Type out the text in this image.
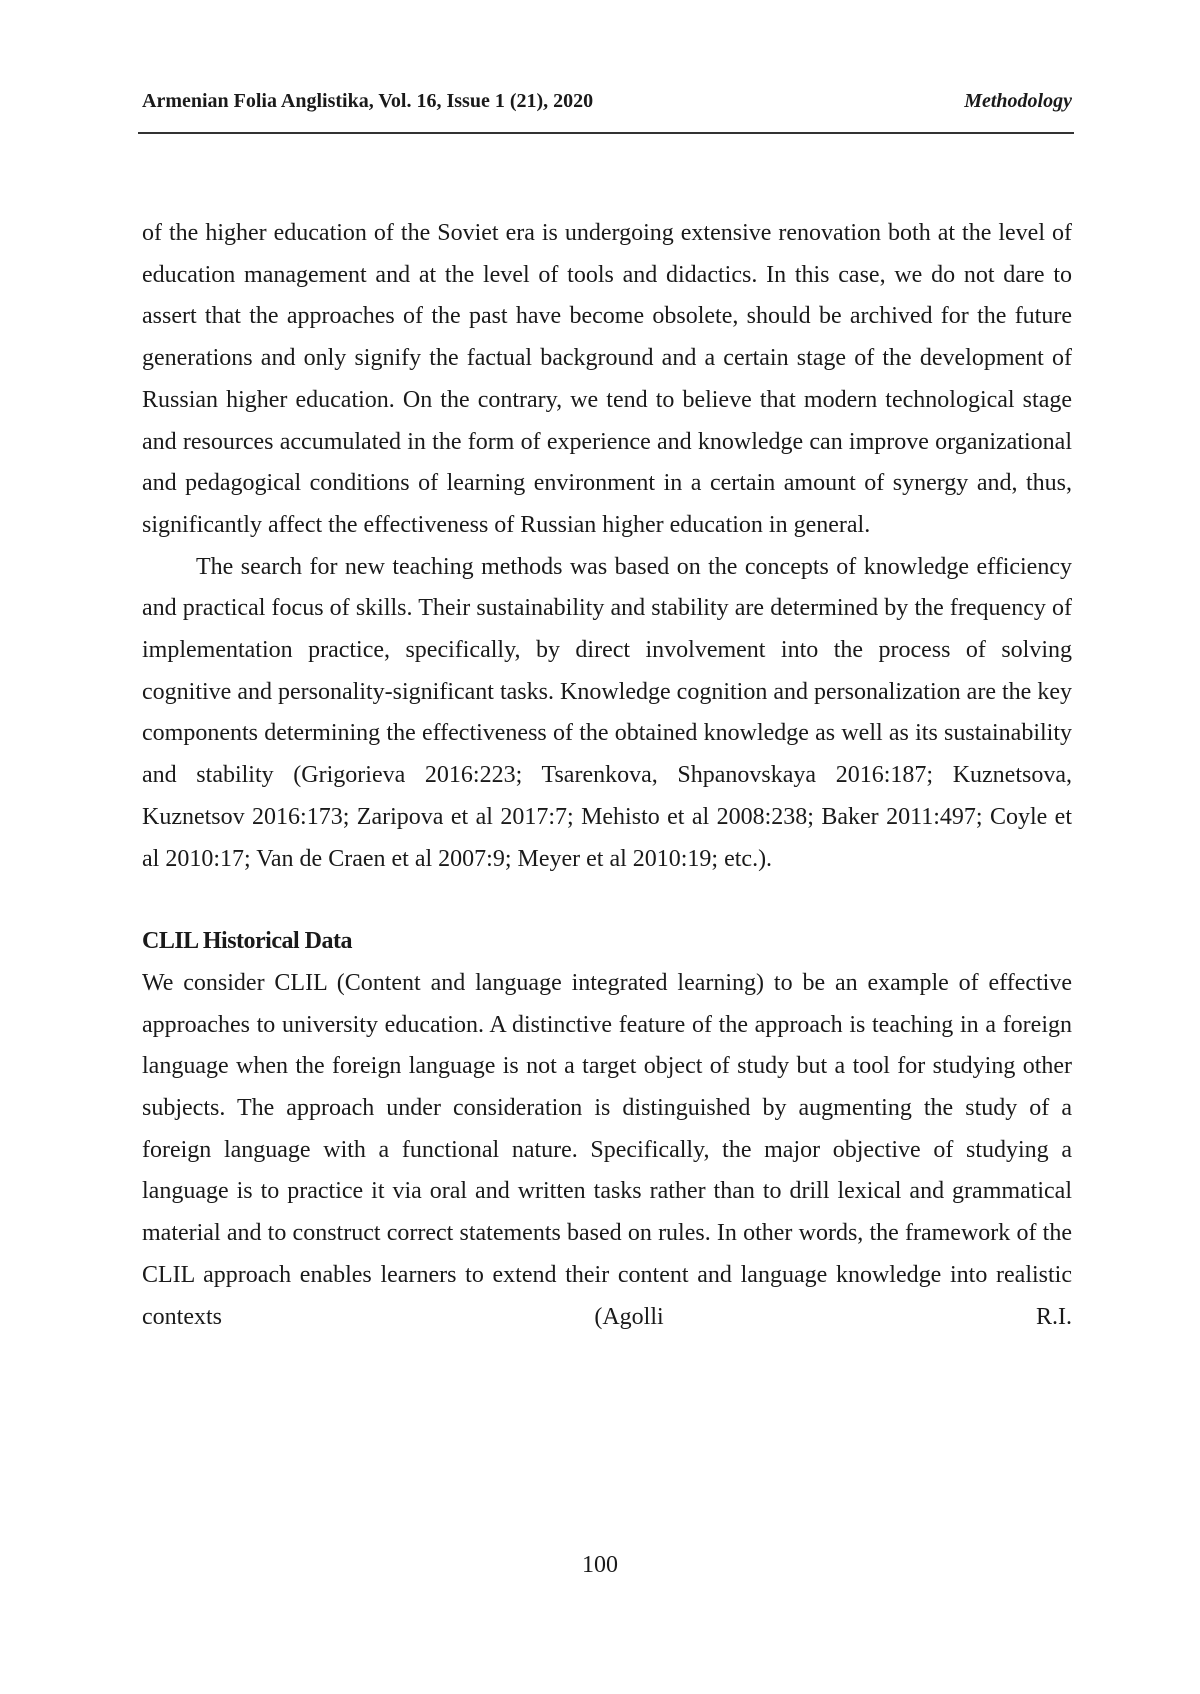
Armenian Folia Anglistika, Vol. 16, Issue 1 (21), 2020	Methodology

of the higher education of the Soviet era is undergoing extensive renovation both at the level of education management and at the level of tools and didactics. In this case, we do not dare to assert that the approaches of the past have become obsolete, should be archived for the future generations and only signify the factual background and a certain stage of the development of Russian higher education. On the contrary, we tend to believe that modern technological stage and resources accumulated in the form of experience and knowledge can improve organizational and pedagogical conditions of learning environment in a certain amount of synergy and, thus, significantly affect the effectiveness of Russian higher education in general.

The search for new teaching methods was based on the concepts of knowledge efficiency and practical focus of skills. Their sustainability and stability are determined by the frequency of implementation practice, specifically, by direct involvement into the process of solving cognitive and personality-significant tasks. Knowledge cognition and personalization are the key components determining the effectiveness of the obtained knowledge as well as its sustainability and stability (Grigorieva 2016:223; Tsarenkova, Shpanovskaya 2016:187; Kuznetsova, Kuznetsov 2016:173; Zaripova et al 2017:7; Mehisto et al 2008:238; Baker 2011:497; Coyle et al 2010:17; Van de Craen et al 2007:9; Meyer et al 2010:19; etc.).

CLIL Historical Data

We consider CLIL (Content and language integrated learning) to be an example of effective approaches to university education. A distinctive feature of the approach is teaching in a foreign language when the foreign language is not a target object of study but a tool for studying other subjects. The approach under consideration is distinguished by augmenting the study of a foreign language with a functional nature. Specifically, the major objective of studying a language is to practice it via oral and written tasks rather than to drill lexical and grammatical material and to construct correct statements based on rules. In other words, the framework of the CLIL approach enables learners to extend their content and language knowledge into realistic contexts (Agolli R.I.

100
